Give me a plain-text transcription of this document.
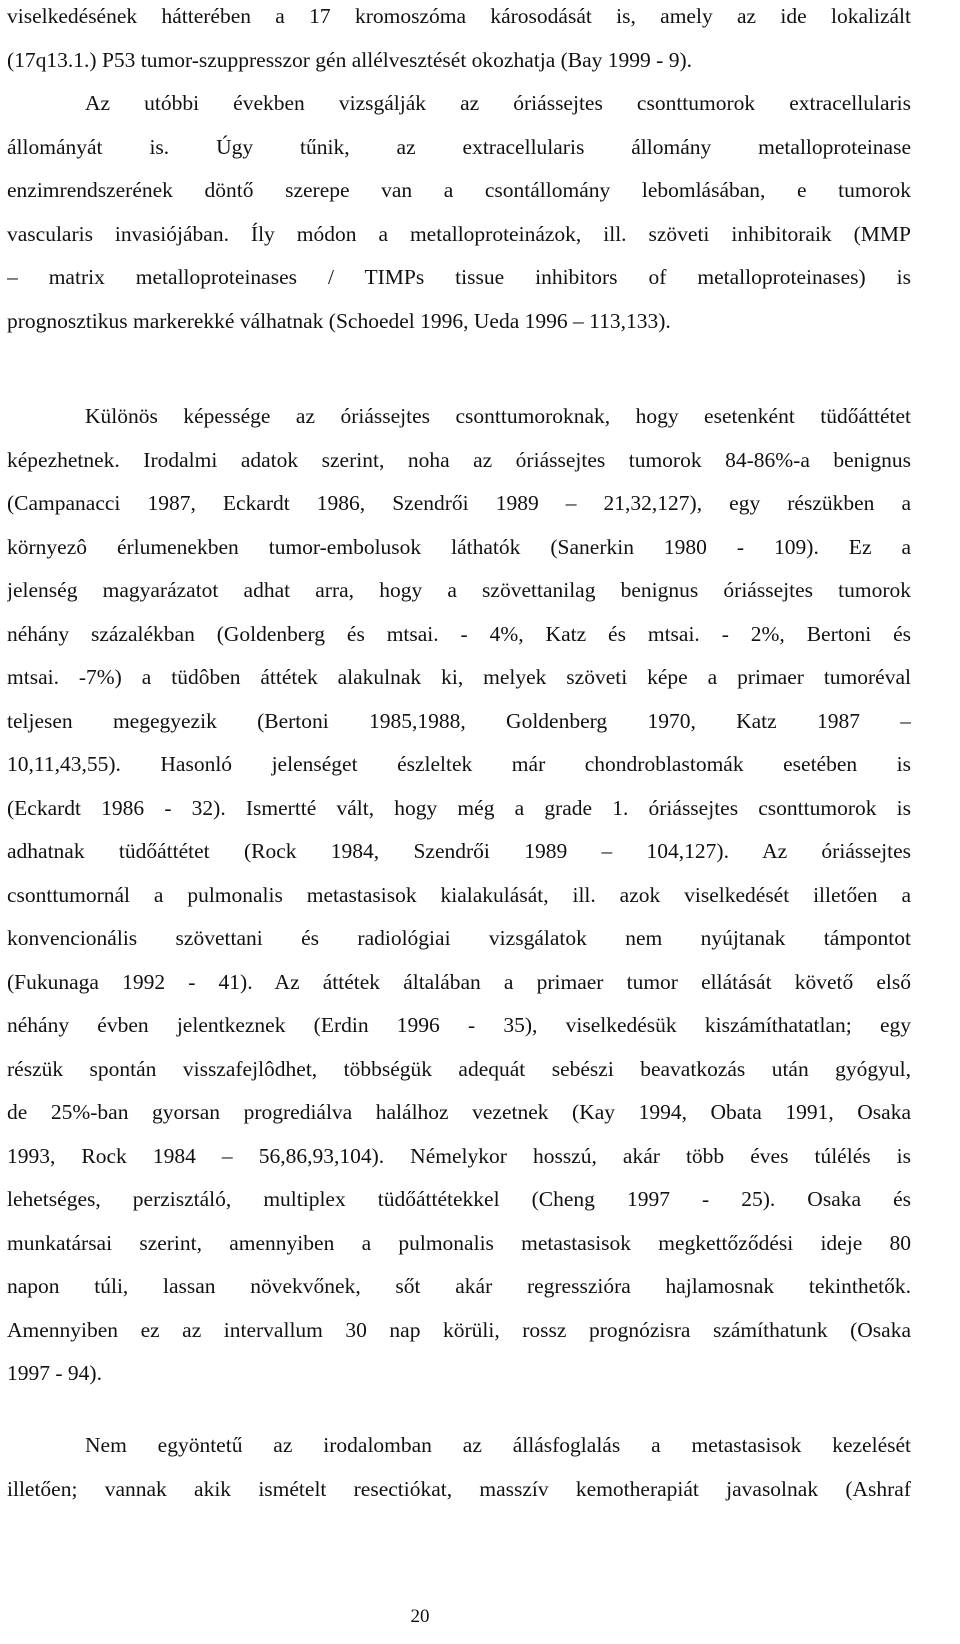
viselkedésének hátterében a 17 kromoszóma károsodását is, amely az ide lokalizált
(17q13.1.) P53 tumor-szuppresszor gén allélvesztését okozhatja (Bay 1999 - 9).
Az utóbbi években vizsgálják az óriássejtes csonttumorok extracellularis
állományát is. Úgy tűnik, az extracellularis állomány metalloproteinase
enzimrendszerének döntő szerepe van a csontállomány lebomlásában, e tumorok
vascularis invasiójában. Íly módon a metalloproteinázok, ill. szöveti inhibitoraik (MMP
– matrix metalloproteinases / TIMPs tissue inhibitors of metalloproteinases) is
prognosztikus markerekké válhatnak (Schoedel 1996, Ueda 1996 – 113,133).
Különös képessége az óriássejtes csonttumoroknak, hogy esetenként tüdőáttétet
képezhetnek. Irodalmi adatok szerint, noha az óriássejtes tumorok 84-86%-a benignus
(Campanacci 1987, Eckardt 1986, Szendrői 1989 – 21,32,127), egy részükben a
környezô érlumenekben tumor-embolusok láthatók (Sanerkin 1980 - 109). Ez a
jelenség magyarázatot adhat arra, hogy a szövettanilag benignus óriássejtes tumorok
néhány százalékban (Goldenberg és mtsai. - 4%, Katz és mtsai. - 2%, Bertoni és
mtsai. -7%) a tüdôben áttétek alakulnak ki, melyek szöveti képe a primaer tumoréval
teljesen megegyezik (Bertoni 1985,1988, Goldenberg 1970, Katz 1987 –
10,11,43,55). Hasonló jelenséget észleltek már chondroblastomák esetében is
(Eckardt 1986 - 32). Ismertté vált, hogy még a grade 1. óriássejtes csonttumorok is
adhatnak tüdőáttétet (Rock 1984, Szendrői 1989 – 104,127). Az óriássejtes
csonttumornál a pulmonalis metastasisok kialakulását, ill. azok viselkedését illetően a
konvencionális szövettani és radiológiai vizsgálatok nem nyújtanak támpontot
(Fukunaga 1992 - 41). Az áttétek általában a primaer tumor ellátását követő első
néhány évben jelentkeznek (Erdin 1996 - 35), viselkedésük kiszámíthatatlan; egy
részük spontán visszafejlôdhet, többségük adequát sebészi beavatkozás után gyógyul,
de 25%-ban gyorsan progrediálva halálhoz vezetnek (Kay 1994, Obata 1991, Osaka
1993, Rock 1984 – 56,86,93,104). Némelykor hosszú, akár több éves túlélés is
lehetséges, perzisztáló, multiplex tüdőáttétekkel (Cheng 1997 - 25). Osaka és
munkatársai szerint, amennyiben a pulmonalis metastasisok megkettőződési ideje 80
napon túli, lassan növekvőnek, sőt akár regresszióra hajlamosnak tekinthetők.
Amennyiben ez az intervallum 30 nap körüli, rossz prognózisra számíthatunk (Osaka
1997 - 94).
Nem egyöntetű az irodalomban az állásfoglalás a metastasisok kezelését
illetően; vannak akik ismételt resectiókat, masszív kemotherapiát javasolnak (Ashraf
20
